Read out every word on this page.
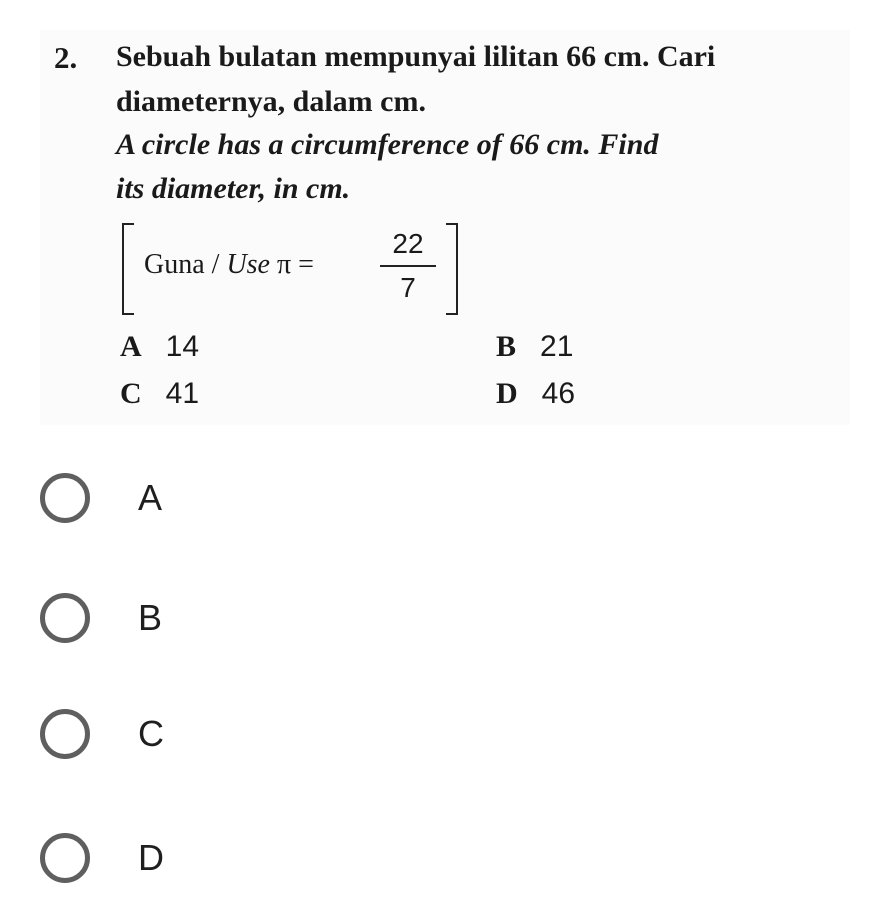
2. Sebuah bulatan mempunyai lilitan 66 cm. Cari
diameternya, dalam cm.
A circle has a circumference of 66 cm. Find
its diameter, in cm.
Guna / Use π =
22
7
A 14	B 21
C 41	D 46
A
B
C
D
